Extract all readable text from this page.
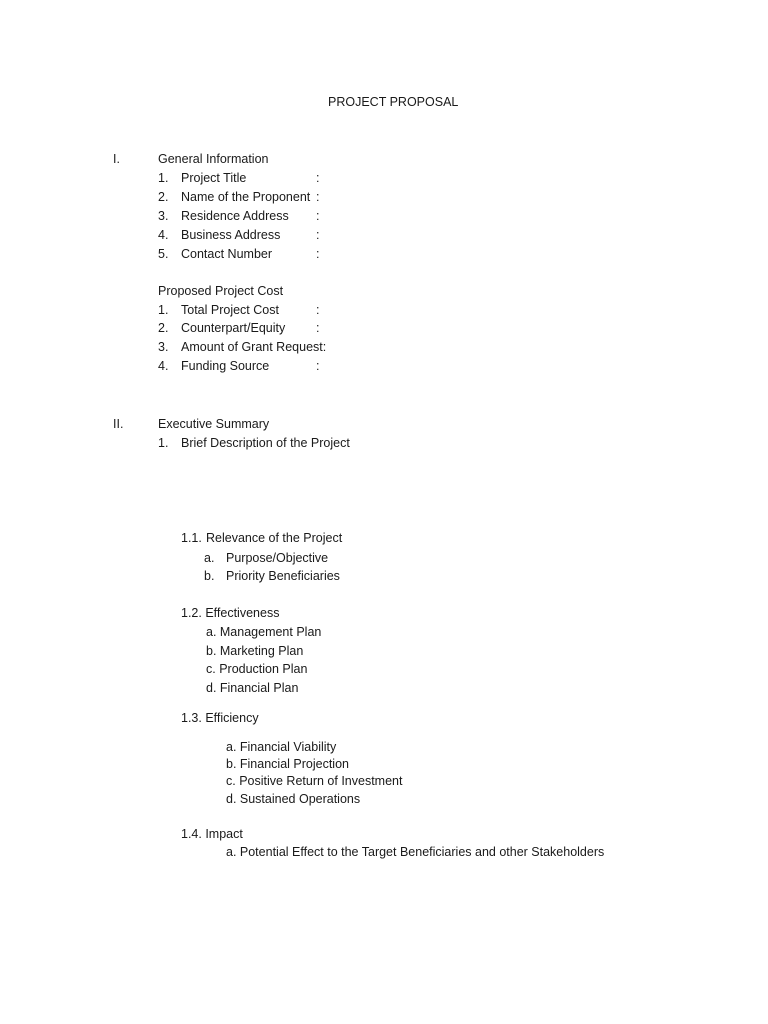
PROJECT PROPOSAL
I.	General Information
1. Project Title	:
2. Name of the Proponent :
3. Residence Address :
4. Business Address	:
5. Contact Number	:
Proposed Project Cost
1. Total Project Cost	:
2. Counterpart/Equity :
3. Amount of Grant Request:
4. Funding Source	:
II.	Executive Summary
1. Brief Description of the Project
1.1. Relevance of the Project
a. Purpose/Objective
b. Priority Beneficiaries
1.2. Effectiveness
a. Management Plan
b. Marketing Plan
c. Production Plan
d. Financial Plan
1.3. Efficiency
a. Financial Viability
b. Financial Projection
c. Positive Return of Investment
d. Sustained Operations
1.4. Impact
a. Potential Effect to the Target Beneficiaries and other Stakeholders
